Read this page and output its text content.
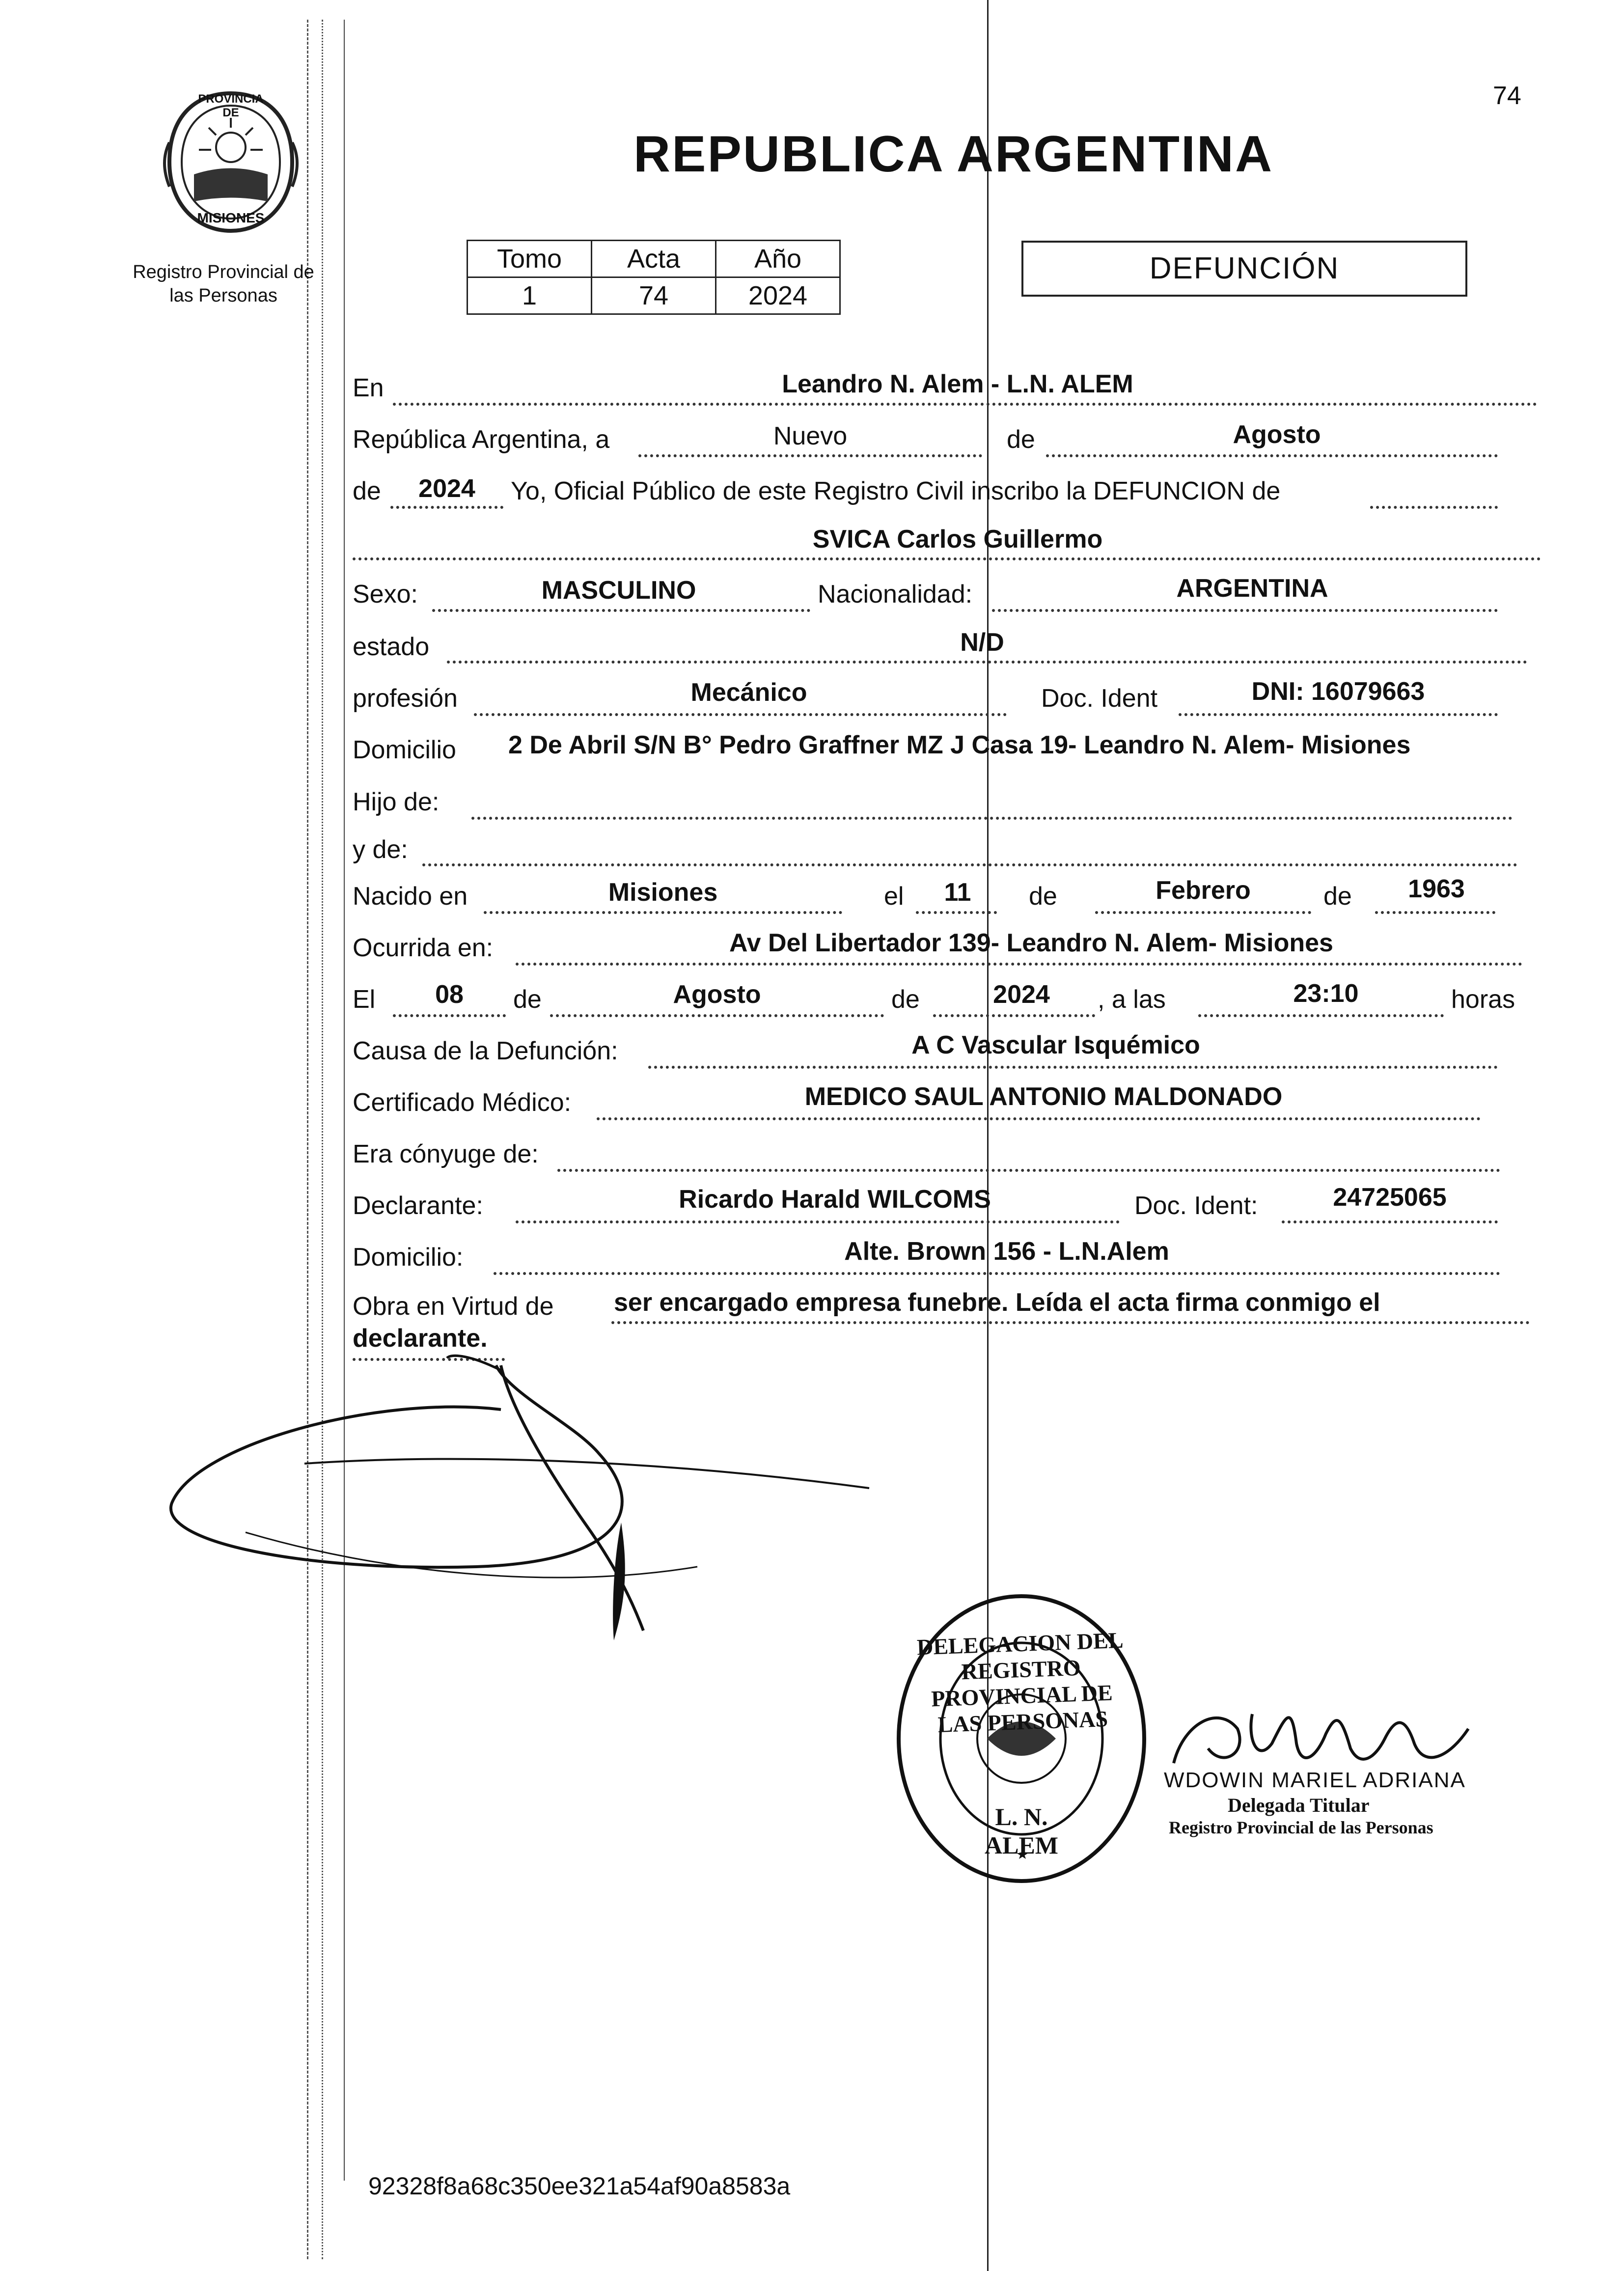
74
PROVINCIA DE
MISIONES
Registro Provincial de las Personas
REPUBLICA ARGENTINA
Tomo	Acta	Año
1	74	2024
DEFUNCIÓN
En	Leandro N. Alem - L.N. ALEM
República Argentina, a	Nuevo	de	Agosto
de	2024	Yo, Oficial Público de este Registro Civil inscribo la DEFUNCION de
SVICA Carlos Guillermo
Sexo:	MASCULINO	Nacionalidad:	ARGENTINA
estado	N/D
profesión	Mecánico	Doc. Ident	DNI: 16079663
Domicilio 2 De Abril S/N B° Pedro Graffner MZ J Casa 19- Leandro N. Alem- Misiones
Hijo de:
y de:
Nacido en	Misiones	el	11	de	Febrero	de	1963
Ocurrida en:	Av Del Libertador 139- Leandro N. Alem- Misiones
El	08	de	Agosto	de	2024	, a las	23:10	horas
Causa de la Defunción:	A C Vascular Isquémico
Certificado Médico:	MEDICO SAUL ANTONIO MALDONADO
Era cónyuge de:
Declarante:	Ricardo Harald WILCOMS	Doc. Ident:	24725065
Domicilio:	Alte. Brown 156 - L.N.Alem
Obra en Virtud de ser encargado empresa funebre. Leída el acta firma conmigo el
declarante.
DELEGACION DEL REGISTRO PROVINCIAL DE LAS PERSONAS
L. N. ALEM
WDOWIN MARIEL ADRIANA
Delegada Titular
Registro Provincial de las Personas
92328f8a68c350ee321a54af90a8583a
